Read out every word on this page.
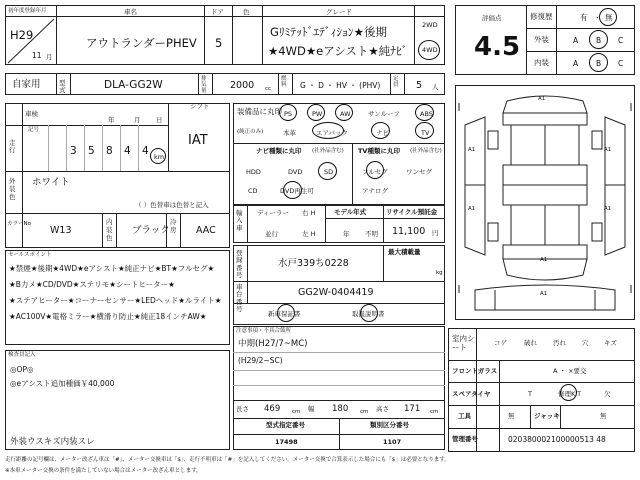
初年度登録年月
H29
11 月
車名
アウトランダーPHEV
ドア
5
色	グレード
Gﾘﾐﾃｯﾄﾞｴﾃﾞｨｼｮﾝ★後期
★4WD★eアシスト★純ﾅﾋﾞ
2WD
4WD
自家用	型式	DLA-GG2W	排気量
2000 cc
燃料	G ・ D ・ HV ・ (PHV)
定員	5 人
評価点
4.5
修復歴	有 ・ 無
外装	A B C
内装	A B C
車検
年	月 日
シフト
IAT
走行
記号
3 5 8 4 4 km
外装色
ホワイト
（ ）色替車は色替と記入
カラーNo
W13
内装色
ブラック
冷房 AAC
装備品に丸印
(純正のみ)
PS	PW	AW	サンルーフ	ABS
本革	エアバック	ナビ	TV
ナビ種類に丸印 (社外品含む)
HDD	DVD	SD
CD	DVD再生可
TV種類に丸印 (社外品含む)
フルセグ	ワンセグ
アナログ
輸入車
ディーラー
並行
右 H
左 H
モデル年式
年 不明
リサイクル預託金
11,100 円
登録番号
水戸339ち0228
最大積載量
kg
車台番号
GG2W-0404419
新車保証書	取扱説明書
セールスポイント
★禁煙★後期★4WD★eアシスト★純正ナビ★BT★フルセグ★
★B力メ★CD/DVD★ステリモ★シートヒーター★
★ステアヒーター★コーナーセンサー★LEDヘッド★ルライト★
★AC100V★電格ミラー★横滑り防止★純正18インチAW★
検査員記入
◎OP◎
◎eアシスト追加種価￥40,000
外装ウスキズ内装スレ
注意事項・不具合箇所
中期(H27/7~MC)
(H29/2~SC)
長さ 469 cm 幅 180 cm 高さ 171 cm
型式指定番号
17498
類別区分番号
1107
A1
A1	A1
A1	A1
A1
A1
室内シート	コゲ	破れ 汚れ 穴 キズ
フロントガラス	A ・ ×要交
スペアタイヤ	T	修理KIT	欠
工具	無	ジャッキ	無
管理番号	020380002100000513 48
走行距離の記号欄は、メーター改ざん車は「#」、メーター交換車は「$」、走行不明車は「#」を記入してください。メーター交換で合算表示した場合にも「$」は必要となります。
※本車メーター交換の条件を満たしていない場合はメーター改ざん車とします。
